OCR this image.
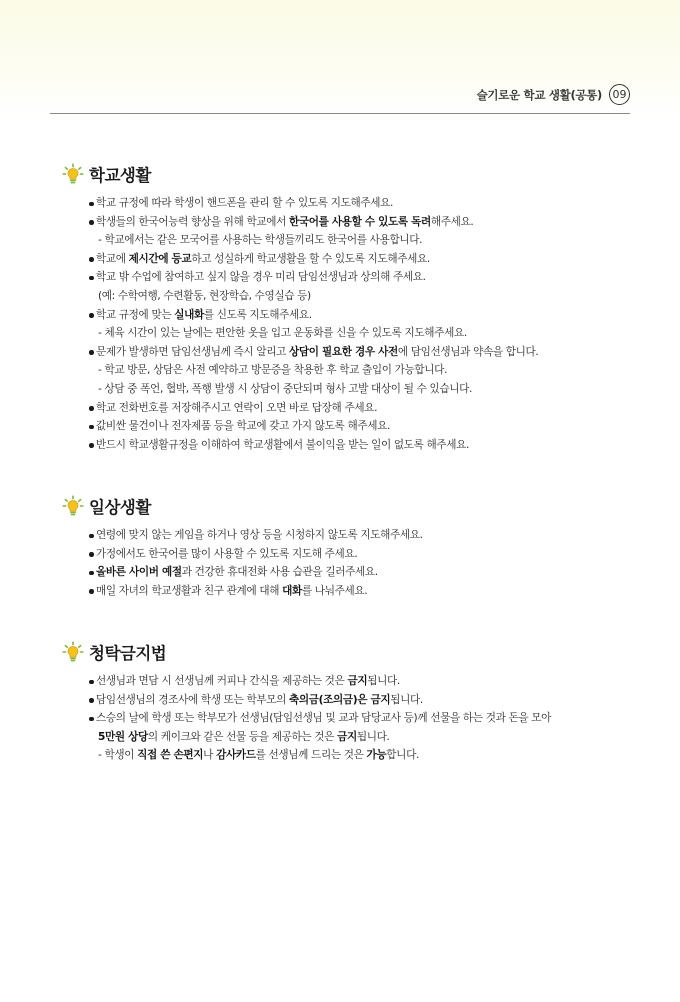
슬기로운 학교 생활(공통) 09
학교생활
학교 규정에 따라 학생이 핸드폰을 관리 할 수 있도록 지도해주세요.
학생들의 한국어능력 향상을 위해 학교에서 한국어를 사용할 수 있도록 독려해주세요.
- 학교에서는 같은 모국어를 사용하는 학생들끼리도 한국어를 사용합니다.
학교에 제시간에 등교하고 성실하게 학교생활을 할 수 있도록 지도해주세요.
학교 밖 수업에 참여하고 싶지 않을 경우 미리 담임선생님과 상의해 주세요.
(예: 수학여행, 수련활동, 현장학습, 수영실습 등)
학교 규정에 맞는 실내화를 신도록 지도해주세요.
- 체육 시간이 있는 날에는 편안한 옷을 입고 운동화를 신을 수 있도록 지도해주세요.
문제가 발생하면 담임선생님께 즉시 알리고 상담이 필요한 경우 사전에 담임선생님과 약속을 합니다.
- 학교 방문, 상담은 사전 예약하고 방문증을 착용한 후 학교 출입이 가능합니다.
- 상담 중 폭언, 협박, 폭행 발생 시 상담이 중단되며 형사 고발 대상이 될 수 있습니다.
학교 전화번호를 저장해주시고 연락이 오면 바로 답장해 주세요.
값비싼 물건이나 전자제품 등을 학교에 갖고 가지 않도록 해주세요.
반드시 학교생활규정을 이해하여 학교생활에서 불이익을 받는 일이 없도록 해주세요.
일상생활
연령에 맞지 않는 게임을 하거나 영상 등을 시청하지 않도록 지도해주세요.
가정에서도 한국어를 많이 사용할 수 있도록 지도해 주세요.
올바른 사이버 예절과 건강한 휴대전화 사용 습관을 길러주세요.
매일 자녀의 학교생활과 친구 관계에 대해 대화를 나눠주세요.
청탁금지법
선생님과 면담 시 선생님께 커피나 간식을 제공하는 것은 금지됩니다.
담임선생님의 경조사에 학생 또는 학부모의 축의금(조의금)은 금지됩니다.
스승의 날에 학생 또는 학부모가 선생님(담임선생님 및 교과 담당교사 등)께 선물을 하는 것과 돈을 모아
5만원 상당의 케이크와 같은 선물 등을 제공하는 것은 금지됩니다.
- 학생이 직접 쓴 손편지나 감사카드를 선생님께 드리는 것은 가능합니다.
